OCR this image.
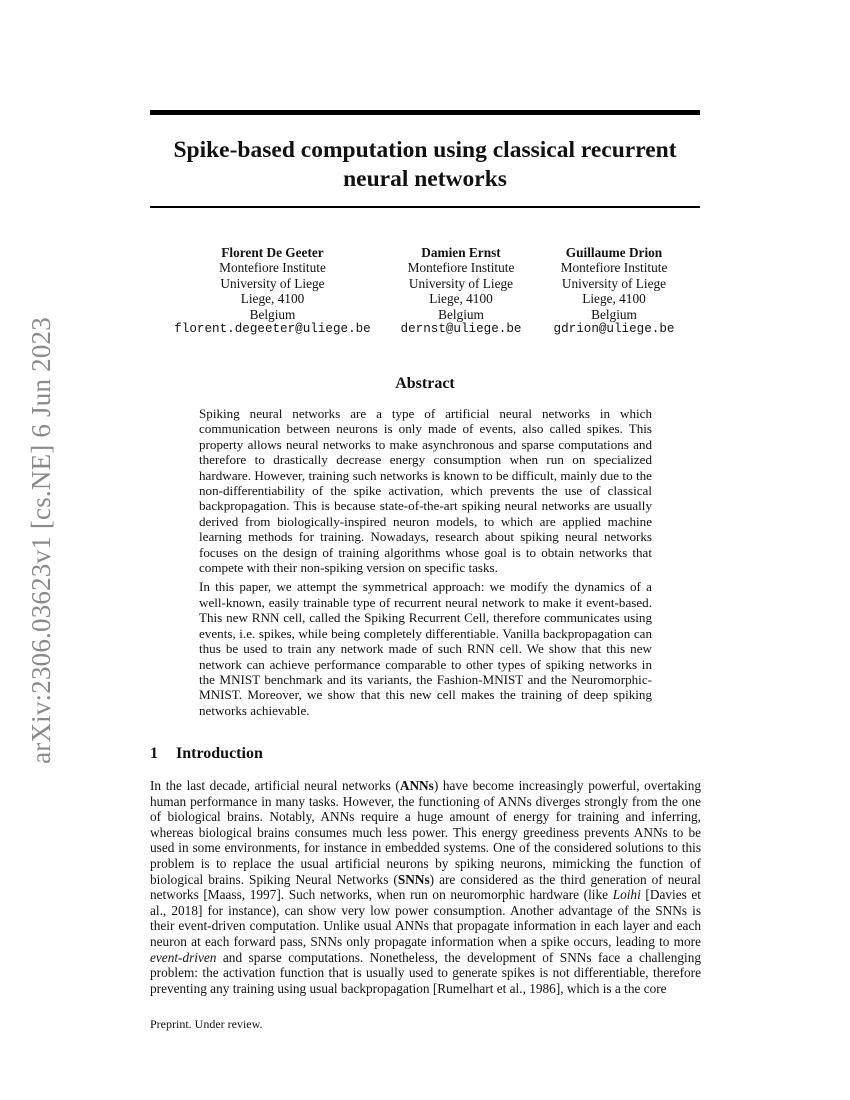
arXiv:2306.03623v1 [cs.NE] 6 Jun 2023
Spike-based computation using classical recurrent neural networks
Florent De Geeter
Montefiore Institute
University of Liege
Liege, 4100
Belgium
florent.degeeter@uliege.be
Damien Ernst
Montefiore Institute
University of Liege
Liege, 4100
Belgium
dernst@uliege.be
Guillaume Drion
Montefiore Institute
University of Liege
Liege, 4100
Belgium
gdrion@uliege.be
Abstract

Spiking neural networks are a type of artificial neural networks in which communication between neurons is only made of events, also called spikes. This property allows neural networks to make asynchronous and sparse computations and therefore to drastically decrease energy consumption when run on specialized hardware. However, training such networks is known to be difficult, mainly due to the non-differentiability of the spike activation, which prevents the use of classical backpropagation. This is because state-of-the-art spiking neural networks are usually derived from biologically-inspired neuron models, to which are applied machine learning methods for training. Nowadays, research about spiking neural networks focuses on the design of training algorithms whose goal is to obtain networks that compete with their non-spiking version on specific tasks.

In this paper, we attempt the symmetrical approach: we modify the dynamics of a well-known, easily trainable type of recurrent neural network to make it event-based. This new RNN cell, called the Spiking Recurrent Cell, therefore communicates using events, i.e. spikes, while being completely differentiable. Vanilla backpropagation can thus be used to train any network made of such RNN cell. We show that this new network can achieve performance comparable to other types of spiking networks in the MNIST benchmark and its variants, the Fashion-MNIST and the Neuromorphic-MNIST. Moreover, we show that this new cell makes the training of deep spiking networks achievable.

1 Introduction

In the last decade, artificial neural networks (ANNs) have become increasingly powerful, overtaking human performance in many tasks. However, the functioning of ANNs diverges strongly from the one of biological brains. Notably, ANNs require a huge amount of energy for training and inferring, whereas biological brains consumes much less power. This energy greediness prevents ANNs to be used in some environments, for instance in embedded systems. One of the considered solutions to this problem is to replace the usual artificial neurons by spiking neurons, mimicking the function of biological brains. Spiking Neural Networks (SNNs) are considered as the third generation of neural networks [Maass, 1997]. Such networks, when run on neuromorphic hardware (like Loihi [Davies et al., 2018] for instance), can show very low power consumption. Another advantage of the SNNs is their event-driven computation. Unlike usual ANNs that propagate information in each layer and each neuron at each forward pass, SNNs only propagate information when a spike occurs, leading to more event-driven and sparse computations. Nonetheless, the development of SNNs face a challenging problem: the activation function that is usually used to generate spikes is not differentiable, therefore preventing any training using usual backpropagation [Rumelhart et al., 1986], which is a the core

Preprint. Under review.
